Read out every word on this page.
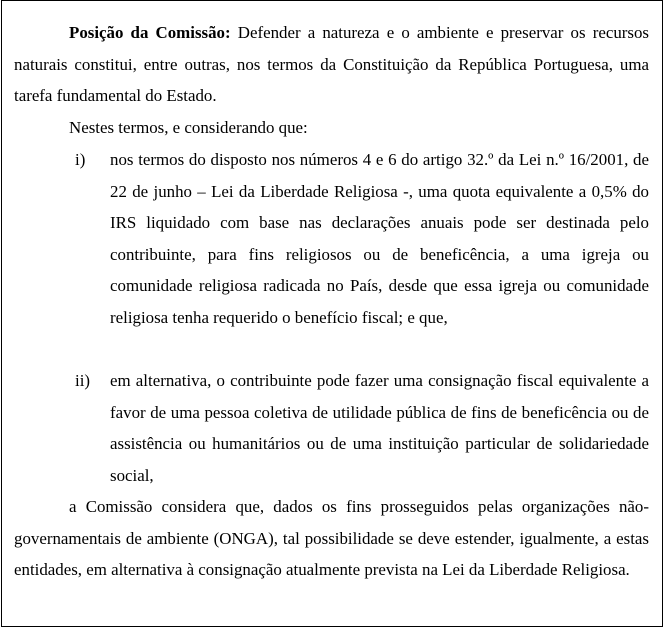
Posição da Comissão: Defender a natureza e o ambiente e preservar os recursos naturais constitui, entre outras, nos termos da Constituição da República Portuguesa, uma tarefa fundamental do Estado.

Nestes termos, e considerando que:

i) nos termos do disposto nos números 4 e 6 do artigo 32.º da Lei n.º 16/2001, de 22 de junho – Lei da Liberdade Religiosa -, uma quota equivalente a 0,5% do IRS liquidado com base nas declarações anuais pode ser destinada pelo contribuinte, para fins religiosos ou de beneficência, a uma igreja ou comunidade religiosa radicada no País, desde que essa igreja ou comunidade religiosa tenha requerido o benefício fiscal; e que,

ii) em alternativa, o contribuinte pode fazer uma consignação fiscal equivalente a favor de uma pessoa coletiva de utilidade pública de fins de beneficência ou de assistência ou humanitários ou de uma instituição particular de solidariedade social,

a Comissão considera que, dados os fins prosseguidos pelas organizações não-governamentais de ambiente (ONGA), tal possibilidade se deve estender, igualmente, a estas entidades, em alternativa à consignação atualmente prevista na Lei da Liberdade Religiosa.
